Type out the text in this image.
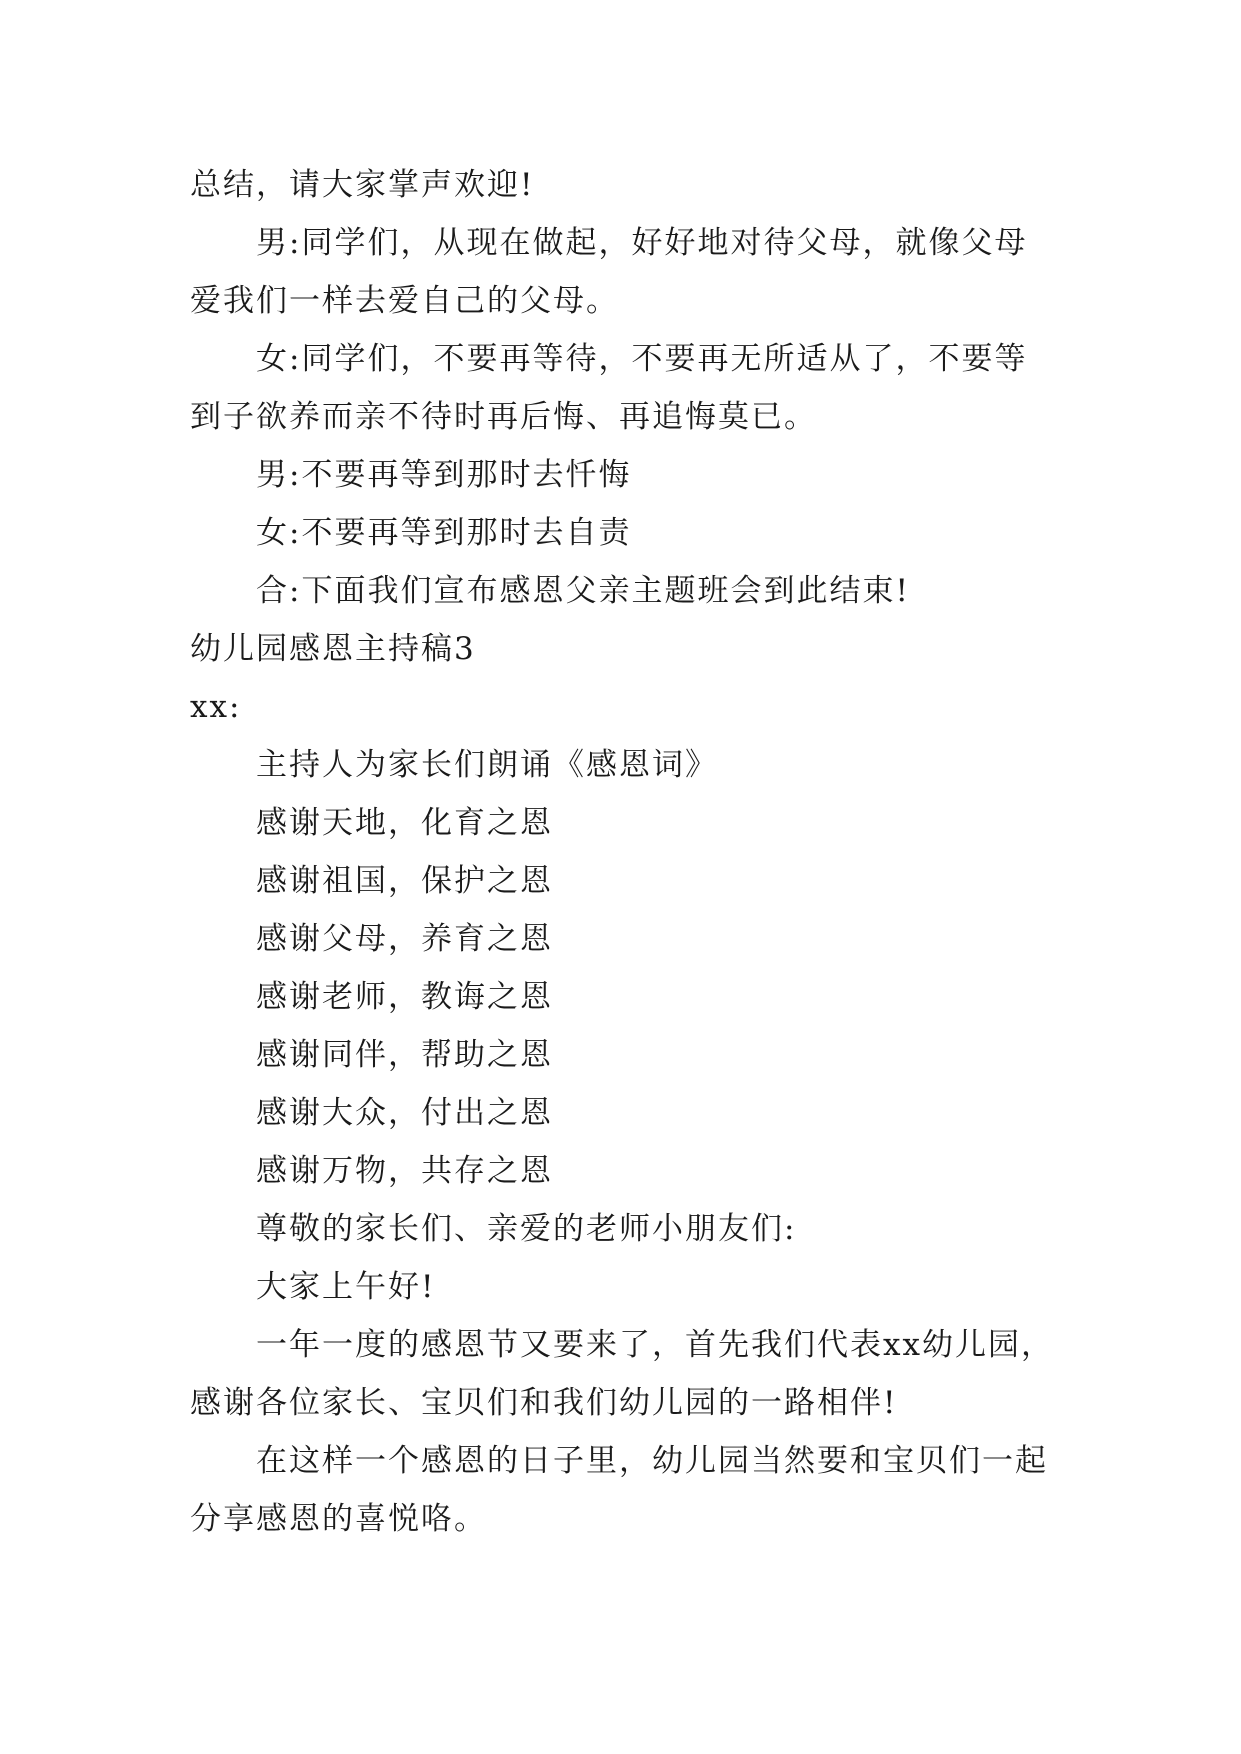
总结，请大家掌声欢迎!
男:同学们，从现在做起，好好地对待父母，就像父母
爱我们一样去爱自己的父母。
女:同学们，不要再等待，不要再无所适从了，不要等
到子欲养而亲不待时再后悔、再追悔莫已。
男:不要再等到那时去忏悔
女:不要再等到那时去自责
合:下面我们宣布感恩父亲主题班会到此结束!
幼儿园感恩主持稿3
xx:
主持人为家长们朗诵《感恩词》
感谢天地，化育之恩
感谢祖国，保护之恩
感谢父母，养育之恩
感谢老师，教诲之恩
感谢同伴，帮助之恩
感谢大众，付出之恩
感谢万物，共存之恩
尊敬的家长们、亲爱的老师小朋友们:
大家上午好!
一年一度的感恩节又要来了，首先我们代表xx幼儿园，
感谢各位家长、宝贝们和我们幼儿园的一路相伴!
在这样一个感恩的日子里，幼儿园当然要和宝贝们一起
分享感恩的喜悦咯。
